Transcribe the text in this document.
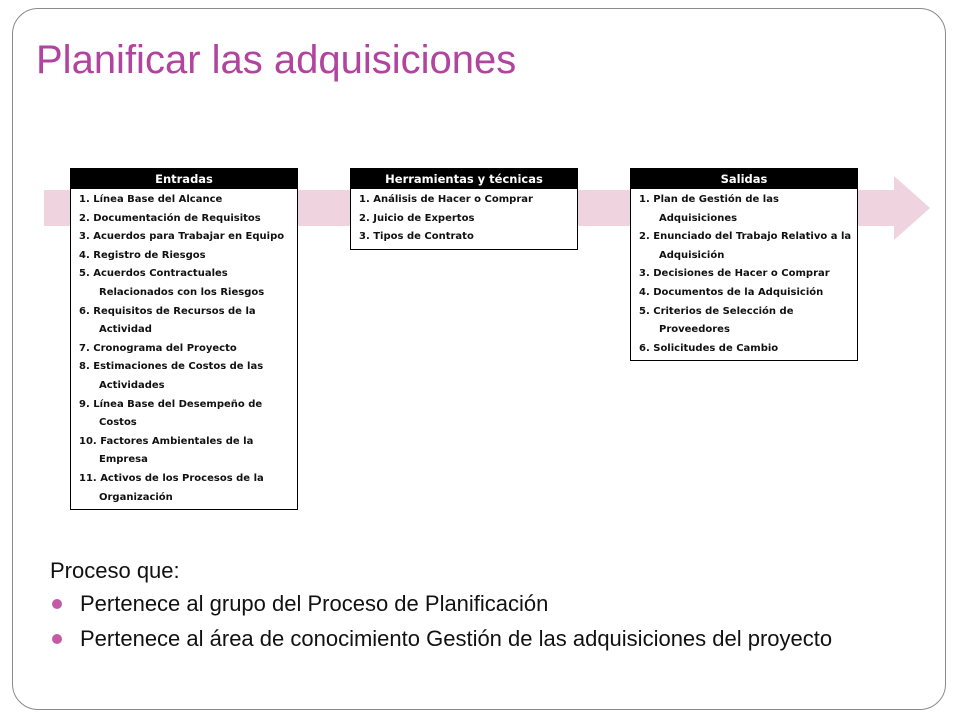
Planificar las adquisiciones
Entradas
1. Línea Base del Alcance
2. Documentación de Requisitos
3. Acuerdos para Trabajar en Equipo
4. Registro de Riesgos
5. Acuerdos Contractuales Relacionados con los Riesgos
6. Requisitos de Recursos de la Actividad
7. Cronograma del Proyecto
8. Estimaciones de Costos de las Actividades
9. Línea Base del Desempeño de Costos
10. Factores Ambientales de la Empresa
11. Activos de los Procesos de la Organización
Herramientas y técnicas
1. Análisis de Hacer o Comprar
2. Juicio de Expertos
3. Tipos de Contrato
Salidas
1. Plan de Gestión de las Adquisiciones
2. Enunciado del Trabajo Relativo a la Adquisición
3. Decisiones de Hacer o Comprar
4. Documentos de la Adquisición
5. Criterios de Selección de Proveedores
6. Solicitudes de Cambio

Proceso que:

Pertenece al grupo del Proceso de Planificación
Pertenece al área de conocimiento Gestión de las adquisiciones del proyecto
